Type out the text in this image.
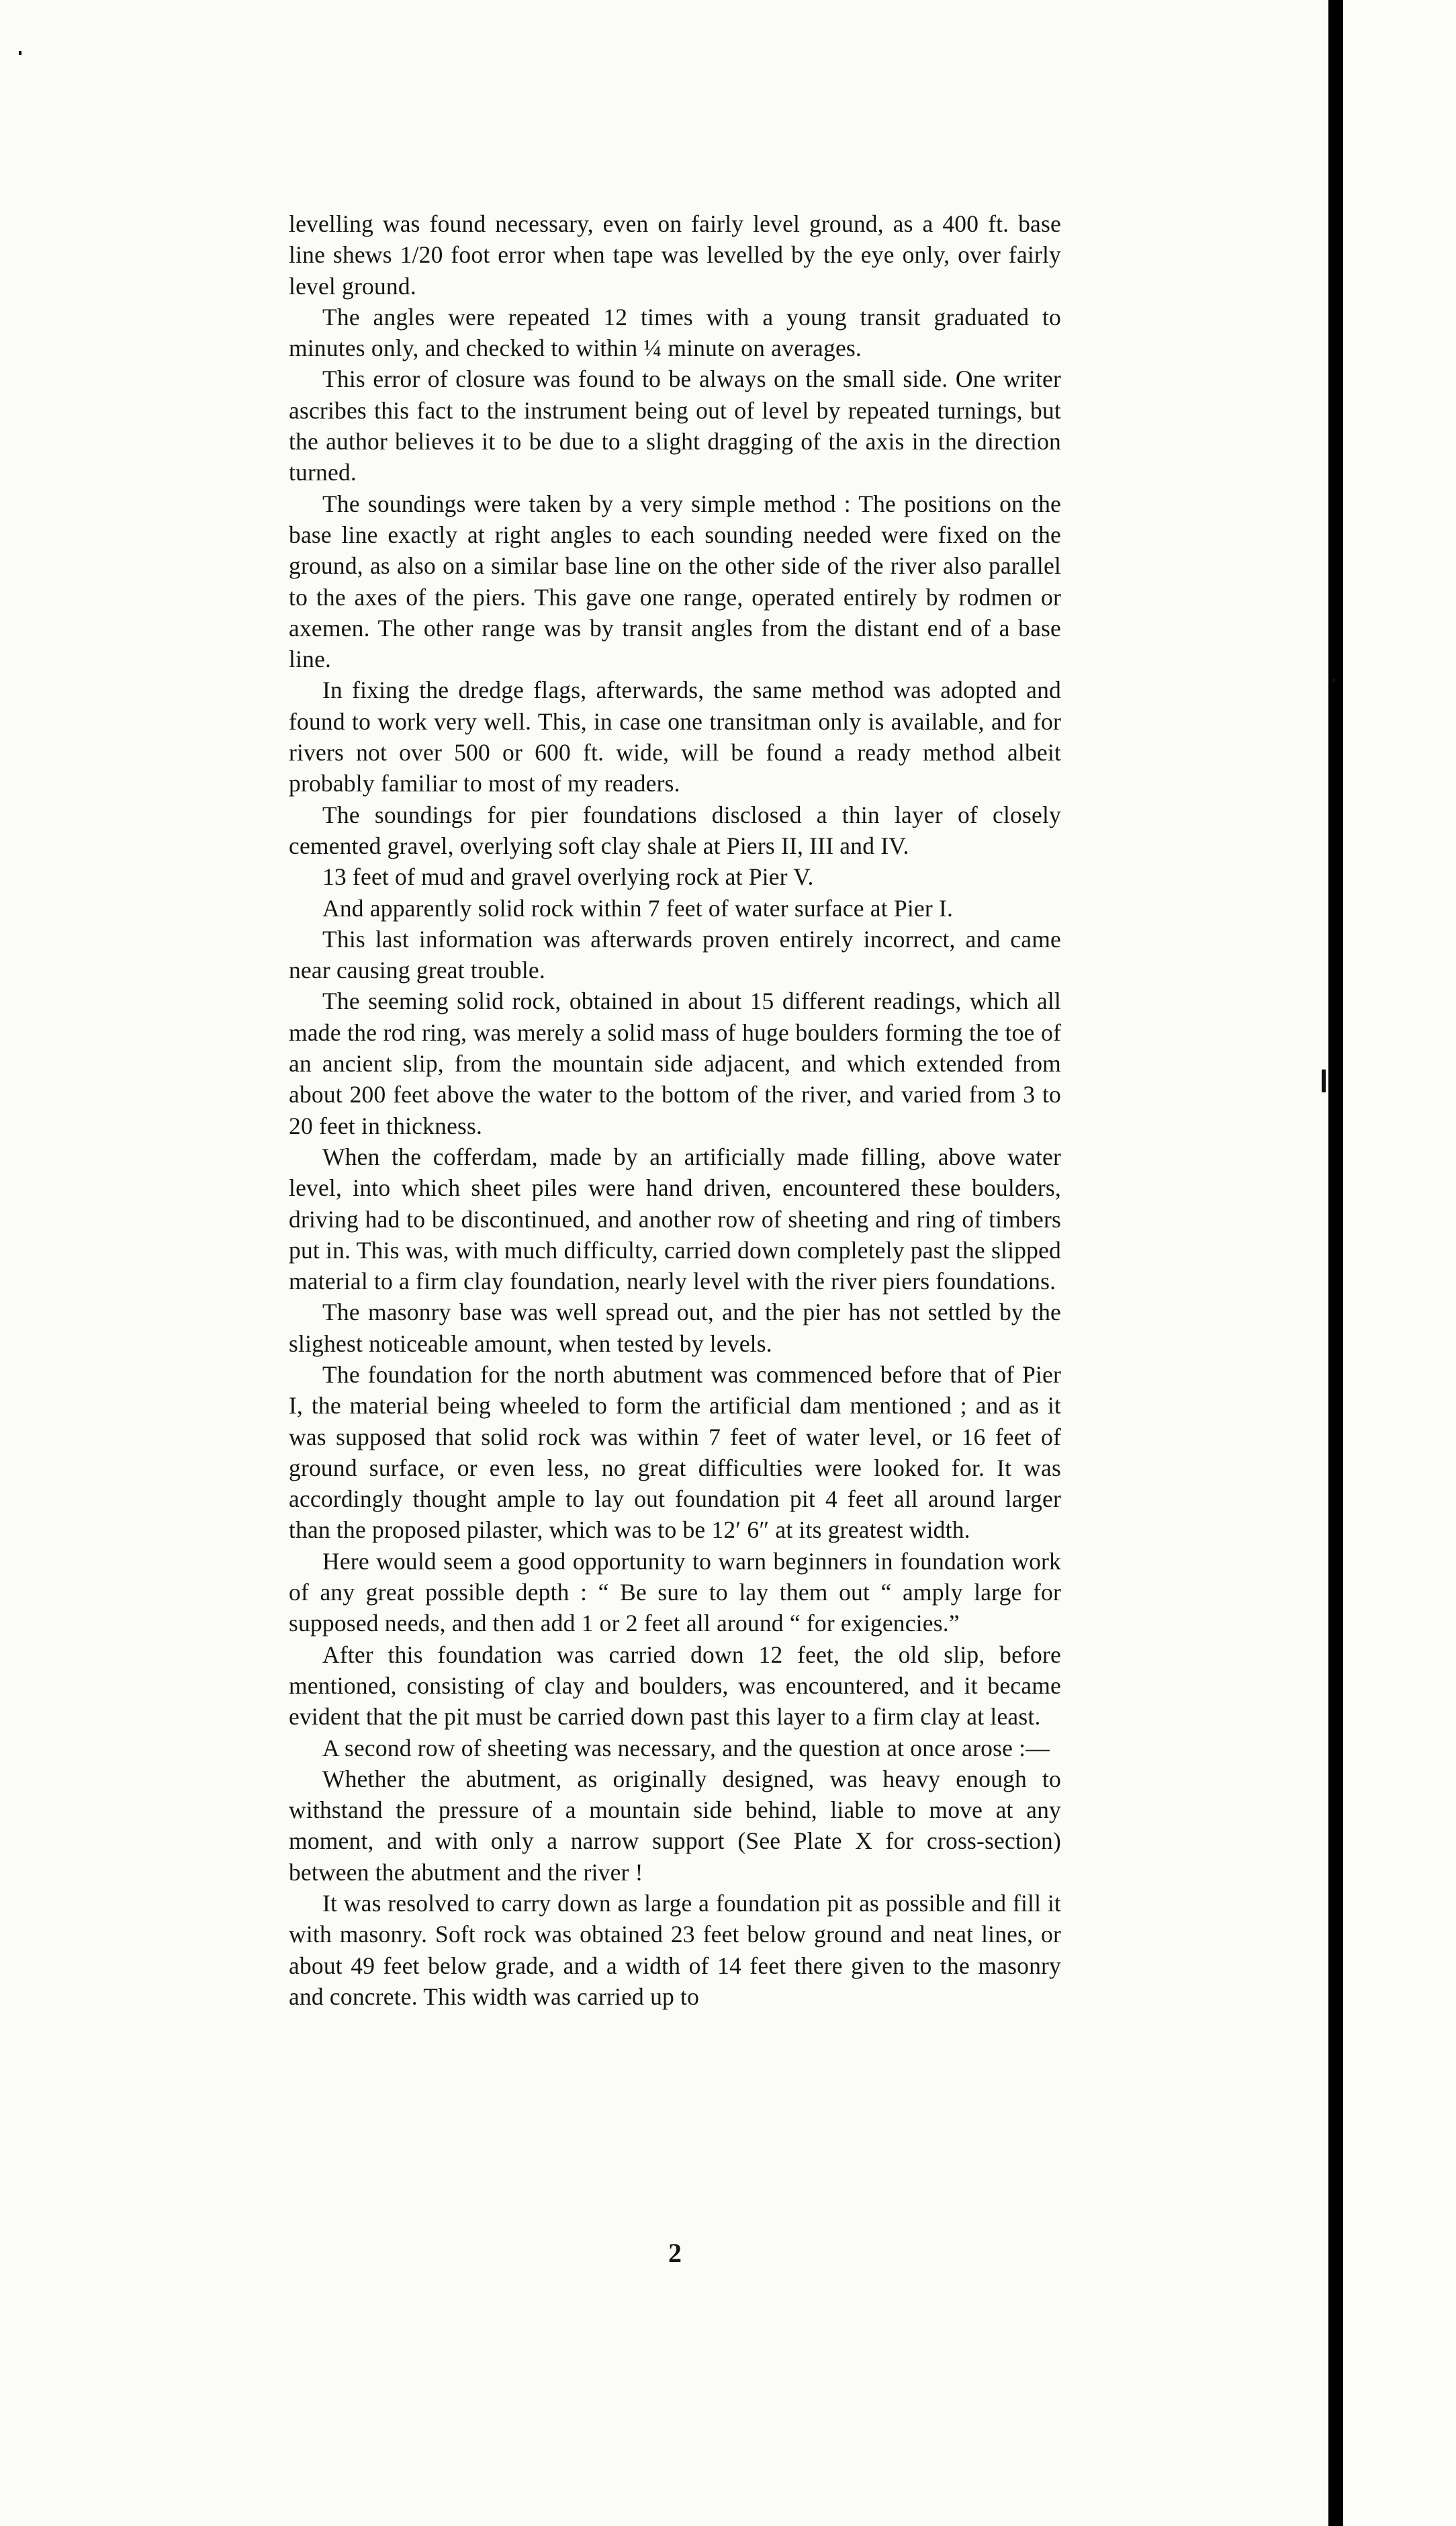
levelling was found necessary, even on fairly level ground, as a 400 ft. base line shews 1/20 foot error when tape was levelled by the eye only, over fairly level ground.

The angles were repeated 12 times with a young transit graduated to minutes only, and checked to within ¼ minute on averages.

This error of closure was found to be always on the small side. One writer ascribes this fact to the instrument being out of level by repeated turnings, but the author believes it to be due to a slight dragging of the axis in the direction turned.

The soundings were taken by a very simple method : The positions on the base line exactly at right angles to each sounding needed were fixed on the ground, as also on a similar base line on the other side of the river also parallel to the axes of the piers. This gave one range, operated entirely by rodmen or axemen. The other range was by transit angles from the distant end of a base line.

In fixing the dredge flags, afterwards, the same method was adopted and found to work very well. This, in case one transitman only is available, and for rivers not over 500 or 600 ft. wide, will be found a ready method albeit probably familiar to most of my readers.

The soundings for pier foundations disclosed a thin layer of closely cemented gravel, overlying soft clay shale at Piers II, III and IV.

13 feet of mud and gravel overlying rock at Pier V.

And apparently solid rock within 7 feet of water surface at Pier I.

This last information was afterwards proven entirely incorrect, and came near causing great trouble.

The seeming solid rock, obtained in about 15 different readings, which all made the rod ring, was merely a solid mass of huge boulders forming the toe of an ancient slip, from the mountain side adjacent, and which extended from about 200 feet above the water to the bottom of the river, and varied from 3 to 20 feet in thickness.

When the cofferdam, made by an artificially made filling, above water level, into which sheet piles were hand driven, encountered these boulders, driving had to be discontinued, and another row of sheeting and ring of timbers put in. This was, with much difficulty, carried down completely past the slipped material to a firm clay foundation, nearly level with the river piers foundations.

The masonry base was well spread out, and the pier has not settled by the slighest noticeable amount, when tested by levels.

The foundation for the north abutment was commenced before that of Pier I, the material being wheeled to form the artificial dam mentioned ; and as it was supposed that solid rock was within 7 feet of water level, or 16 feet of ground surface, or even less, no great difficulties were looked for. It was accordingly thought ample to lay out foundation pit 4 feet all around larger than the proposed pilaster, which was to be 12′ 6″ at its greatest width.

Here would seem a good opportunity to warn beginners in foundation work of any great possible depth : “ Be sure to lay them out “ amply large for supposed needs, and then add 1 or 2 feet all around “ for exigencies.”

After this foundation was carried down 12 feet, the old slip, before mentioned, consisting of clay and boulders, was encountered, and it became evident that the pit must be carried down past this layer to a firm clay at least.

A second row of sheeting was necessary, and the question at once arose :—

Whether the abutment, as originally designed, was heavy enough to withstand the pressure of a mountain side behind, liable to move at any moment, and with only a narrow support (See Plate X for cross-section) between the abutment and the river !

It was resolved to carry down as large a foundation pit as possible and fill it with masonry. Soft rock was obtained 23 feet below ground and neat lines, or about 49 feet below grade, and a width of 14 feet there given to the masonry and concrete. This width was carried up to

2
